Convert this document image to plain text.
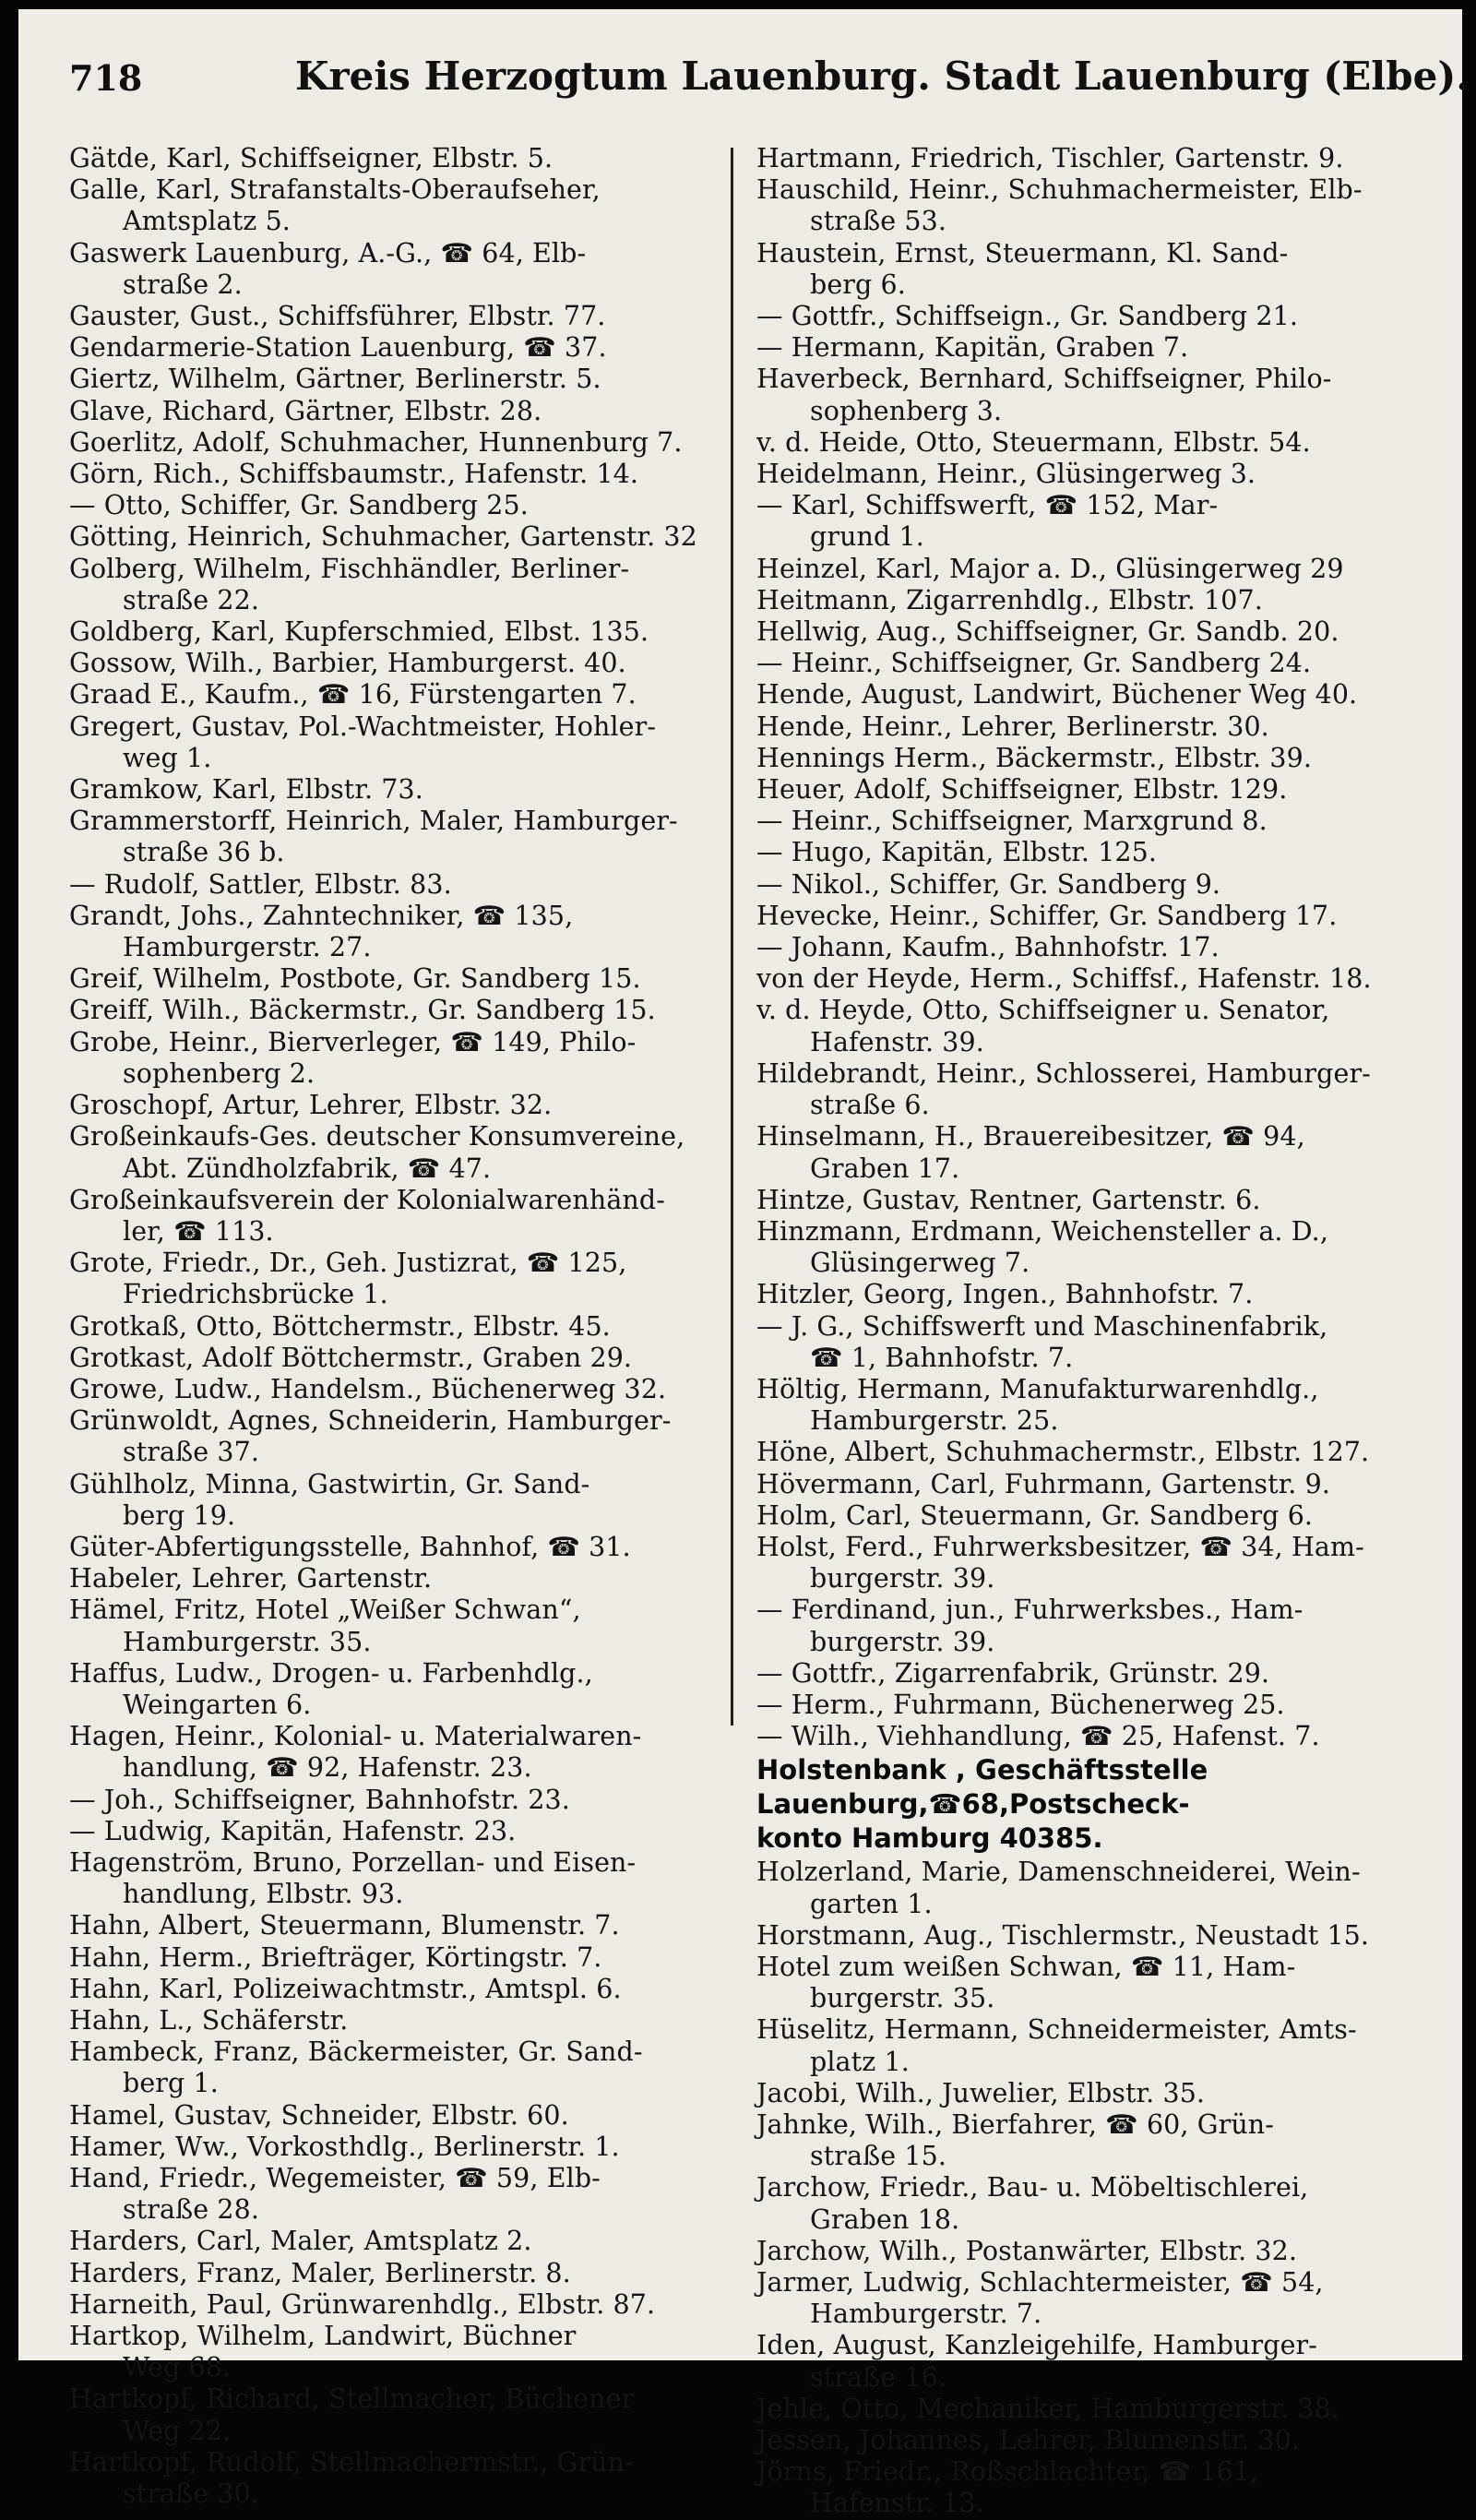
718	Kreis Herzogtum Lauenburg. Stadt Lauenburg (Elbe).
Gätde, Karl, Schiffseigner, Elbstr. 5.
Galle, Karl, Strafanstalts-Oberaufseher,
Amtsplatz 5.
Gaswerk Lauenburg, A.-G., ☎ 64, Elb-
straße 2.
Gauster, Gust., Schiffsführer, Elbstr. 77.
Gendarmerie-Station Lauenburg, ☎ 37.
Giertz, Wilhelm, Gärtner, Berlinerstr. 5.
Glave, Richard, Gärtner, Elbstr. 28.
Goerlitz, Adolf, Schuhmacher, Hunnenburg 7.
Görn, Rich., Schiffsbaumstr., Hafenstr. 14.
— Otto, Schiffer, Gr. Sandberg 25.
Götting, Heinrich, Schuhmacher, Gartenstr. 32
Golberg, Wilhelm, Fischhändler, Berliner-
straße 22.
Goldberg, Karl, Kupferschmied, Elbst. 135.
Gossow, Wilh., Barbier, Hamburgerst. 40.
Graad E., Kaufm., ☎ 16, Fürstengarten 7.
Gregert, Gustav, Pol.-Wachtmeister, Hohler-
weg 1.
Gramkow, Karl, Elbstr. 73.
Grammerstorff, Heinrich, Maler, Hamburger-
straße 36 b.
— Rudolf, Sattler, Elbstr. 83.
Grandt, Johs., Zahntechniker, ☎ 135,
Hamburgerstr. 27.
Greif, Wilhelm, Postbote, Gr. Sandberg 15.
Greiff, Wilh., Bäckermstr., Gr. Sandberg 15.
Grobe, Heinr., Bierverleger, ☎ 149, Philo-
sophenberg 2.
Groschopf, Artur, Lehrer, Elbstr. 32.
Großeinkaufs-Ges. deutscher Konsumvereine,
Abt. Zündholzfabrik, ☎ 47.
Großeinkaufsverein der Kolonialwarenhänd-
ler, ☎ 113.
Grote, Friedr., Dr., Geh. Justizrat, ☎ 125,
Friedrichsbrücke 1.
Grotkaß, Otto, Böttchermstr., Elbstr. 45.
Grotkast, Adolf Böttchermstr., Graben 29.
Growe, Ludw., Handelsm., Büchenerweg 32.
Grünwoldt, Agnes, Schneiderin, Hamburger-
straße 37.
Gühlholz, Minna, Gastwirtin, Gr. Sand-
berg 19.
Güter-Abfertigungsstelle, Bahnhof, ☎ 31.
Habeler, Lehrer, Gartenstr.
Hämel, Fritz, Hotel „Weißer Schwan“,
Hamburgerstr. 35.
Haffus, Ludw., Drogen- u. Farbenhdlg.,
Weingarten 6.
Hagen, Heinr., Kolonial- u. Materialwaren-
handlung, ☎ 92, Hafenstr. 23.
— Joh., Schiffseigner, Bahnhofstr. 23.
— Ludwig, Kapitän, Hafenstr. 23.
Hagenström, Bruno, Porzellan- und Eisen-
handlung, Elbstr. 93.
Hahn, Albert, Steuermann, Blumenstr. 7.
Hahn, Herm., Briefträger, Körtingstr. 7.
Hahn, Karl, Polizeiwachtmstr., Amtspl. 6.
Hahn, L., Schäferstr.
Hambeck, Franz, Bäckermeister, Gr. Sand-
berg 1.
Hamel, Gustav, Schneider, Elbstr. 60.
Hamer, Ww., Vorkosthdlg., Berlinerstr. 1.
Hand, Friedr., Wegemeister, ☎ 59, Elb-
straße 28.
Harders, Carl, Maler, Amtsplatz 2.
Harders, Franz, Maler, Berlinerstr. 8.
Harneith, Paul, Grünwarenhdlg., Elbstr. 87.
Hartkop, Wilhelm, Landwirt, Büchner
Weg 68.
Hartkopf, Richard, Stellmacher, Büchener
Weg 22.
Hartkopf, Rudolf, Stellmachermstr., Grün-
straße 30.
Hartmann, Friedrich, Tischler, Gartenstr. 9.
Hauschild, Heinr., Schuhmachermeister, Elb-
straße 53.
Haustein, Ernst, Steuermann, Kl. Sand-
berg 6.
— Gottfr., Schiffseign., Gr. Sandberg 21.
— Hermann, Kapitän, Graben 7.
Haverbeck, Bernhard, Schiffseigner, Philo-
sophenberg 3.
v. d. Heide, Otto, Steuermann, Elbstr. 54.
Heidelmann, Heinr., Glüsingerweg 3.
— Karl, Schiffswerft, ☎ 152, Mar-
grund 1.
Heinzel, Karl, Major a. D., Glüsingerweg 29
Heitmann, Zigarrenhdlg., Elbstr. 107.
Hellwig, Aug., Schiffseigner, Gr. Sandb. 20.
— Heinr., Schiffseigner, Gr. Sandberg 24.
Hende, August, Landwirt, Büchener Weg 40.
Hende, Heinr., Lehrer, Berlinerstr. 30.
Hennings Herm., Bäckermstr., Elbstr. 39.
Heuer, Adolf, Schiffseigner, Elbstr. 129.
— Heinr., Schiffseigner, Marxgrund 8.
— Hugo, Kapitän, Elbstr. 125.
— Nikol., Schiffer, Gr. Sandberg 9.
Hevecke, Heinr., Schiffer, Gr. Sandberg 17.
— Johann, Kaufm., Bahnhofstr. 17.
von der Heyde, Herm., Schiffsf., Hafenstr. 18.
v. d. Heyde, Otto, Schiffseigner u. Senator,
Hafenstr. 39.
Hildebrandt, Heinr., Schlosserei, Hamburger-
straße 6.
Hinselmann, H., Brauereibesitzer, ☎ 94,
Graben 17.
Hintze, Gustav, Rentner, Gartenstr. 6.
Hinzmann, Erdmann, Weichensteller a. D.,
Glüsingerweg 7.
Hitzler, Georg, Ingen., Bahnhofstr. 7.
— J. G., Schiffswerft und Maschinenfabrik,
☎ 1, Bahnhofstr. 7.
Höltig, Hermann, Manufakturwarenhdlg.,
Hamburgerstr. 25.
Höne, Albert, Schuhmachermstr., Elbstr. 127.
Hövermann, Carl, Fuhrmann, Gartenstr. 9.
Holm, Carl, Steuermann, Gr. Sandberg 6.
Holst, Ferd., Fuhrwerksbesitzer, ☎ 34, Ham-
burgerstr. 39.
— Ferdinand, jun., Fuhrwerksbes., Ham-
burgerstr. 39.
— Gottfr., Zigarrenfabrik, Grünstr. 29.
— Herm., Fuhrmann, Büchenerweg 25.
— Wilh., Viehhandlung, ☎ 25, Hafenst. 7.
Holstenbank , Geschäftsstelle
Lauenburg,☎68,Postscheck-
konto Hamburg 40385.
Holzerland, Marie, Damenschneiderei, Wein-
garten 1.
Horstmann, Aug., Tischlermstr., Neustadt 15.
Hotel zum weißen Schwan, ☎ 11, Ham-
burgerstr. 35.
Hüselitz, Hermann, Schneidermeister, Amts-
platz 1.
Jacobi, Wilh., Juwelier, Elbstr. 35.
Jahnke, Wilh., Bierfahrer, ☎ 60, Grün-
straße 15.
Jarchow, Friedr., Bau- u. Möbeltischlerei,
Graben 18.
Jarchow, Wilh., Postanwärter, Elbstr. 32.
Jarmer, Ludwig, Schlachtermeister, ☎ 54,
Hamburgerstr. 7.
Iden, August, Kanzleigehilfe, Hamburger-
straße 16.
Jehle, Otto, Mechaniker, Hamburgerstr. 38.
Jessen, Johannes, Lehrer, Blumenstr. 30.
Jörns, Friedr., Roßschlachter, ☎ 161,
Hafenstr. 13.
